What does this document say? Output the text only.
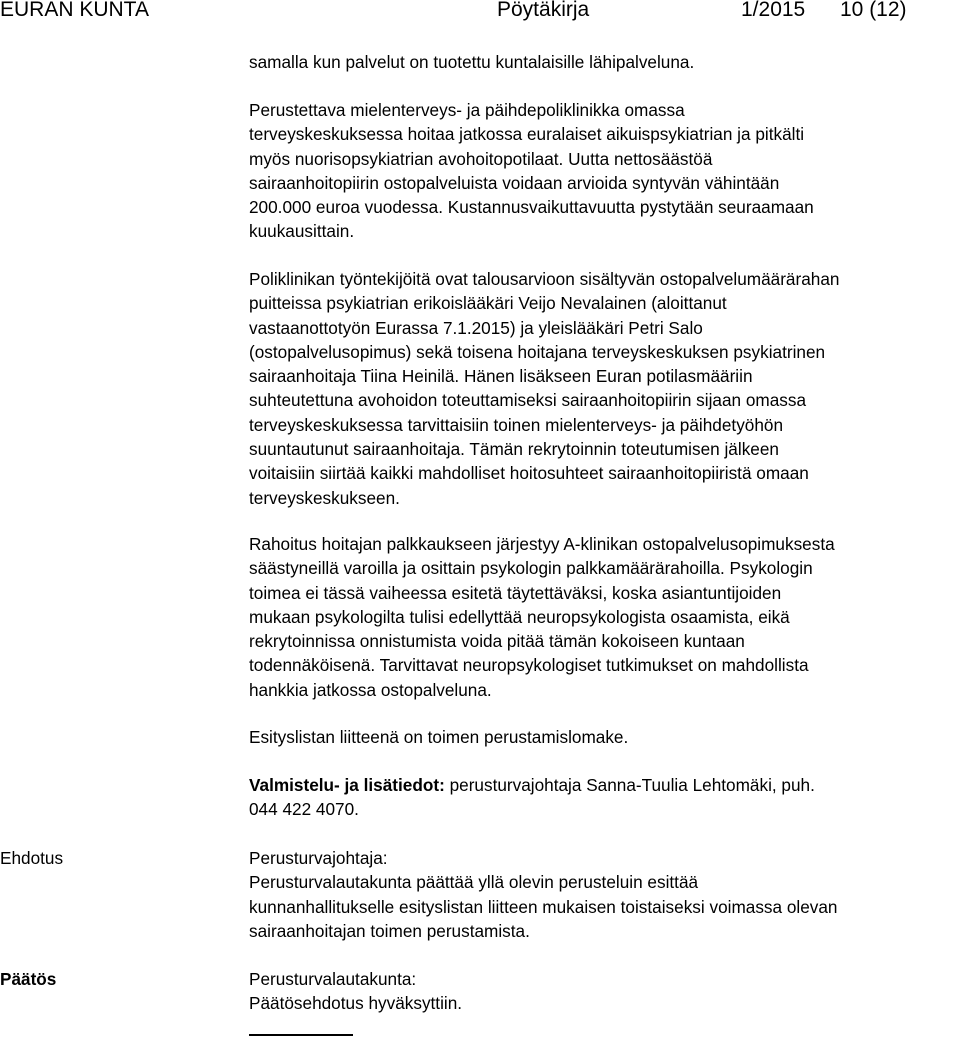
EURAN KUNTA	Pöytäkirja	1/2015 10 (12)
samalla kun palvelut on tuotettu kuntalaisille lähipalveluna.
Perustettava mielenterveys- ja päihdepoliklinikka omassa
terveyskeskuksessa hoitaa jatkossa euralaiset aikuispsykiatrian ja pitkälti
myös nuorisopsykiatrian avohoitopotilaat. Uutta nettosäästöä
sairaanhoitopiirin ostopalveluista voidaan arvioida syntyvän vähintään
200.000 euroa vuodessa. Kustannusvaikuttavuutta pystytään seuraamaan
kuukausittain.
Poliklinikan työntekijöitä ovat talousarvioon sisältyvän ostopalvelumäärärahan
puitteissa psykiatrian erikoislääkäri Veijo Nevalainen (aloittanut
vastaanottotyön Eurassa 7.1.2015) ja yleislääkäri Petri Salo
(ostopalvelusopimus) sekä toisena hoitajana terveyskeskuksen psykiatrinen
sairaanhoitaja Tiina Heinilä. Hänen lisäkseen Euran potilasmääriin
suhteutettuna avohoidon toteuttamiseksi sairaanhoitopiirin sijaan omassa
terveyskeskuksessa tarvittaisiin toinen mielenterveys- ja päihdetyöhön
suuntautunut sairaanhoitaja. Tämän rekrytoinnin toteutumisen jälkeen
voitaisiin siirtää kaikki mahdolliset hoitosuhteet sairaanhoitopiiristä omaan
terveyskeskukseen.
Rahoitus hoitajan palkkaukseen järjestyy A-klinikan ostopalvelusopimuksesta
säästyneillä varoilla ja osittain psykologin palkkamäärärahoilla. Psykologin
toimea ei tässä vaiheessa esitetä täytettäväksi, koska asiantuntijoiden
mukaan psykologilta tulisi edellyttää neuropsykologista osaamista, eikä
rekrytoinnissa onnistumista voida pitää tämän kokoiseen kuntaan
todennäköisenä. Tarvittavat neuropsykologiset tutkimukset on mahdollista
hankkia jatkossa ostopalveluna.
Esityslistan liitteenä on toimen perustamislomake.
Valmistelu- ja lisätiedot: perusturvajohtaja Sanna-Tuulia Lehtomäki, puh.
044 422 4070.

Ehdotus	Perusturvajohtaja:
Perusturvalautakunta päättää yllä olevin perusteluin esittää
kunnanhallitukselle esityslistan liitteen mukaisen toistaiseksi voimassa olevan
sairaanhoitajan toimen perustamista.

Päätös	Perusturvalautakunta:
Päätösehdotus hyväksyttiin.
